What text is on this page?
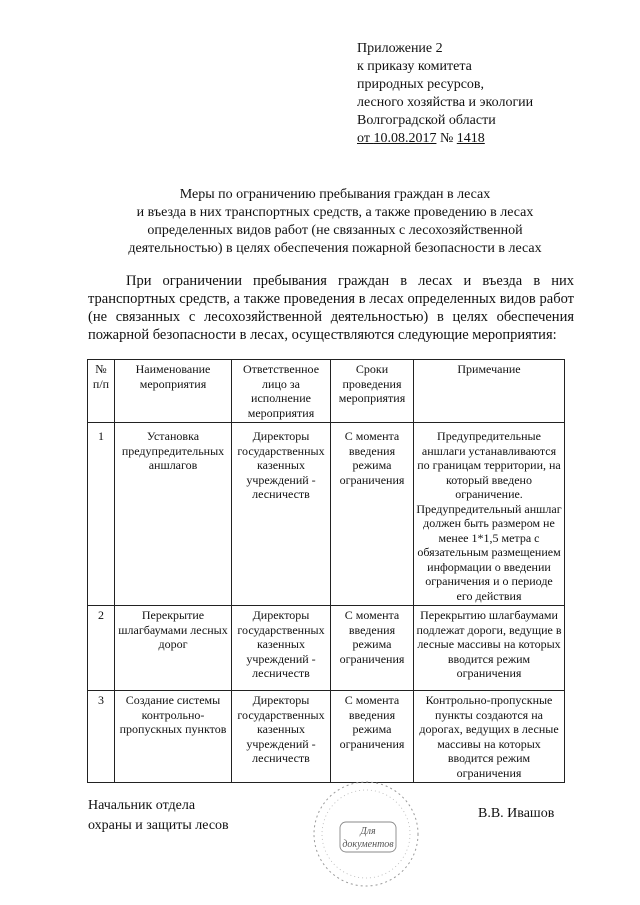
Приложение 2
к приказу комитета
природных ресурсов,
лесного хозяйства и экологии
Волгоградской области
от 10.08.2017 № 1418
Меры по ограничению пребывания граждан в лесах
и въезда в них транспортных средств, а также проведению в лесах
определенных видов работ (не связанных с лесохозяйственной
деятельностью) в целях обеспечения пожарной безопасности в лесах

При ограничении пребывания граждан в лесах и въезда в них транспортных средств, а также проведения в лесах определенных видов работ (не связанных с лесохозяйственной деятельностью) в целях обеспечения пожарной безопасности в лесах, осуществляются следующие мероприятия:

№ п/п	Наименование мероприятия	Ответственное лицо за исполнение мероприятия	Сроки проведения мероприятия	Примечание
1	Установка предупредительных аншлагов	Директоры государственных казенных учреждений - лесничеств	С момента введения режима ограничения	Предупредительные аншлаги устанавливаются по границам территории, на который введено ограничение. Предупредительный аншлаг должен быть размером не менее 1*1,5 метра с обязательным размещением информации о введении ограничения и о периоде его действия
2	Перекрытие шлагбаумами лесных дорог	Директоры государственных казенных учреждений - лесничеств	С момента введения режима ограничения	Перекрытию шлагбаумами подлежат дороги, ведущие в лесные массивы на которых вводится режим ограничения
3	Создание системы контрольно-пропускных пунктов	Директоры государственных казенных учреждений - лесничеств	С момента введения режима ограничения	Контрольно-пропускные пункты создаются на дорогах, ведущих в лесные массивы на которых вводится режим ограничения
Начальник отдела
охраны и защиты лесов	Для
документов
В.В. Ивашов
